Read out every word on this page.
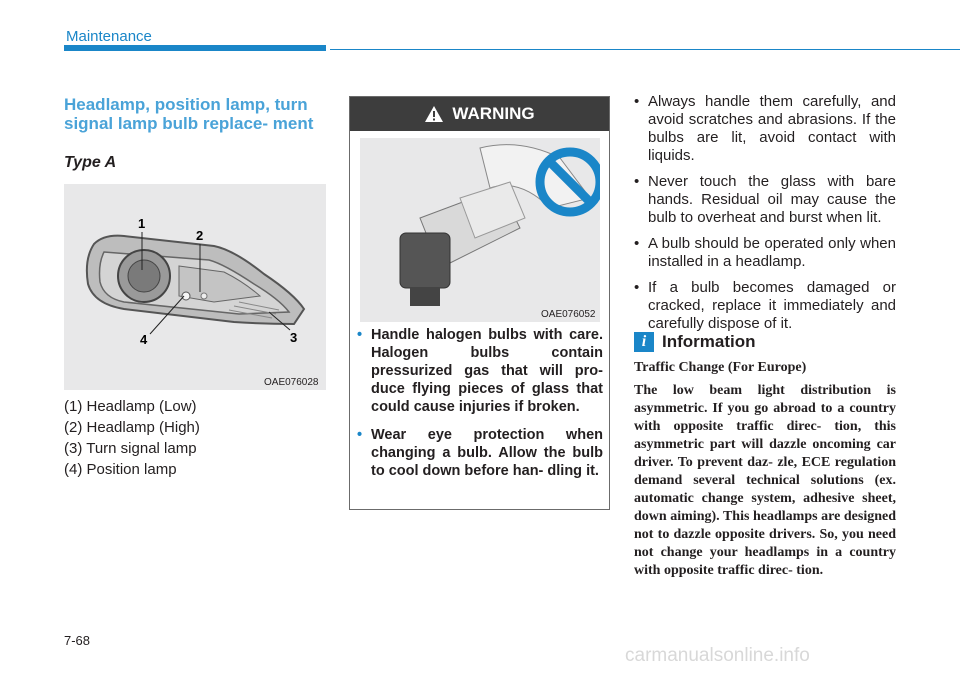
Maintenance
Headlamp, position lamp, turn signal lamp bulb replace- ment
Type A
1
2
3
4
OAE076028
(1) Headlamp (Low)
(2) Headlamp (High)
(3) Turn signal lamp
(4) Position lamp
WARNING
OAE076052
• Handle halogen bulbs with care. Halogen bulbs contain pressurized gas that will pro- duce flying pieces of glass that could cause injuries if broken.
• Wear eye protection when changing a bulb. Allow the bulb to cool down before han- dling it.
• Always handle them carefully, and avoid scratches and abrasions. If the bulbs are lit, avoid contact with liquids.
• Never touch the glass with bare hands. Residual oil may cause the bulb to overheat and burst when lit.
• A bulb should be operated only when installed in a headlamp.
• If a bulb becomes damaged or cracked, replace it immediately and carefully dispose of it.
i Information
Traffic Change (For Europe)
The low beam light distribution is asymmetric. If you go abroad to a country with opposite traffic direc- tion, this asymmetric part will dazzle oncoming car driver. To prevent daz- zle, ECE regulation demand several technical solutions (ex. automatic change system, adhesive sheet, down aiming). This headlamps are designed not to dazzle opposite drivers. So, you need not change your headlamps in a country with opposite traffic direc- tion.
7-68
carmanualsonline.info
